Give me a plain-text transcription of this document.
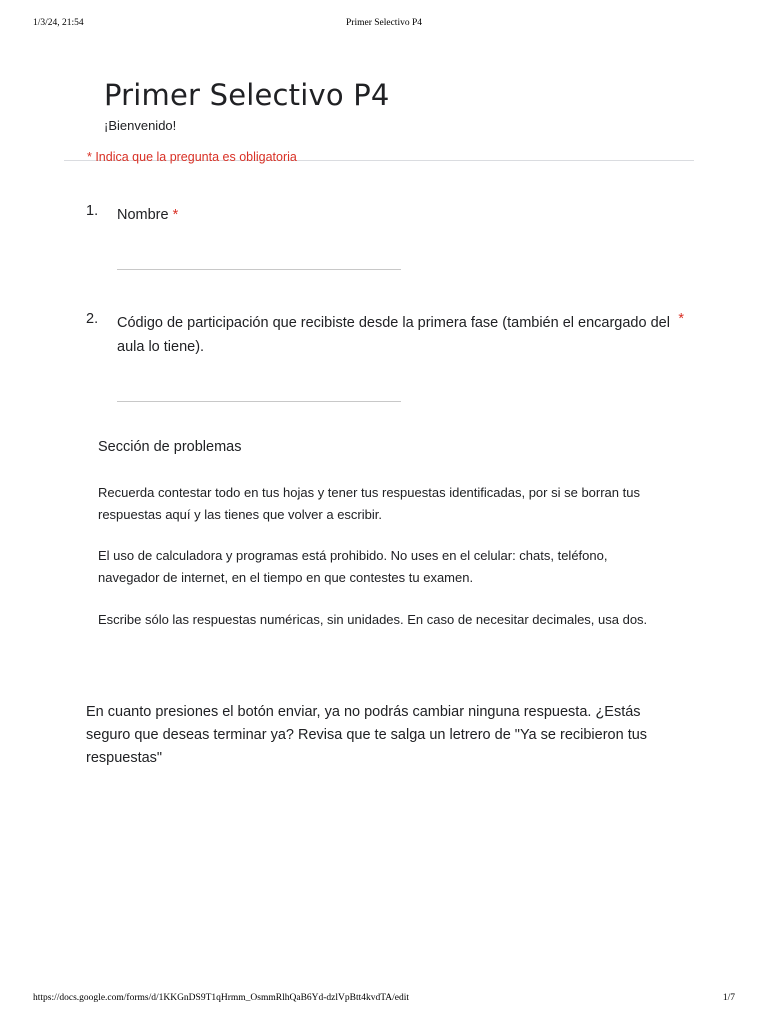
1/3/24, 21:54	Primer Selectivo P4
Primer Selectivo P4
¡Bienvenido!
* Indica que la pregunta es obligatoria
1. Nombre *
2. Código de participación que recibiste desde la primera fase (también el encargado del aula lo tiene).
*
Sección de problemas
Recuerda contestar todo en tus hojas y tener tus respuestas identificadas, por si se borran tus respuestas aquí y las tienes que volver a escribir.
El uso de calculadora y programas está prohibido. No uses en el celular: chats, teléfono, navegador de internet, en el tiempo en que contestes tu examen.
Escribe sólo las respuestas numéricas, sin unidades. En caso de necesitar decimales, usa dos.
En cuanto presiones el botón enviar, ya no podrás cambiar ninguna respuesta. ¿Estás seguro que deseas terminar ya? Revisa que te salga un letrero de "Ya se recibieron tus respuestas"
https://docs.google.com/forms/d/1KKGnDS9T1qHrmm_OsmmRlhQaB6Yd-dzlVpBtt4kvdTA/edit	1/7
